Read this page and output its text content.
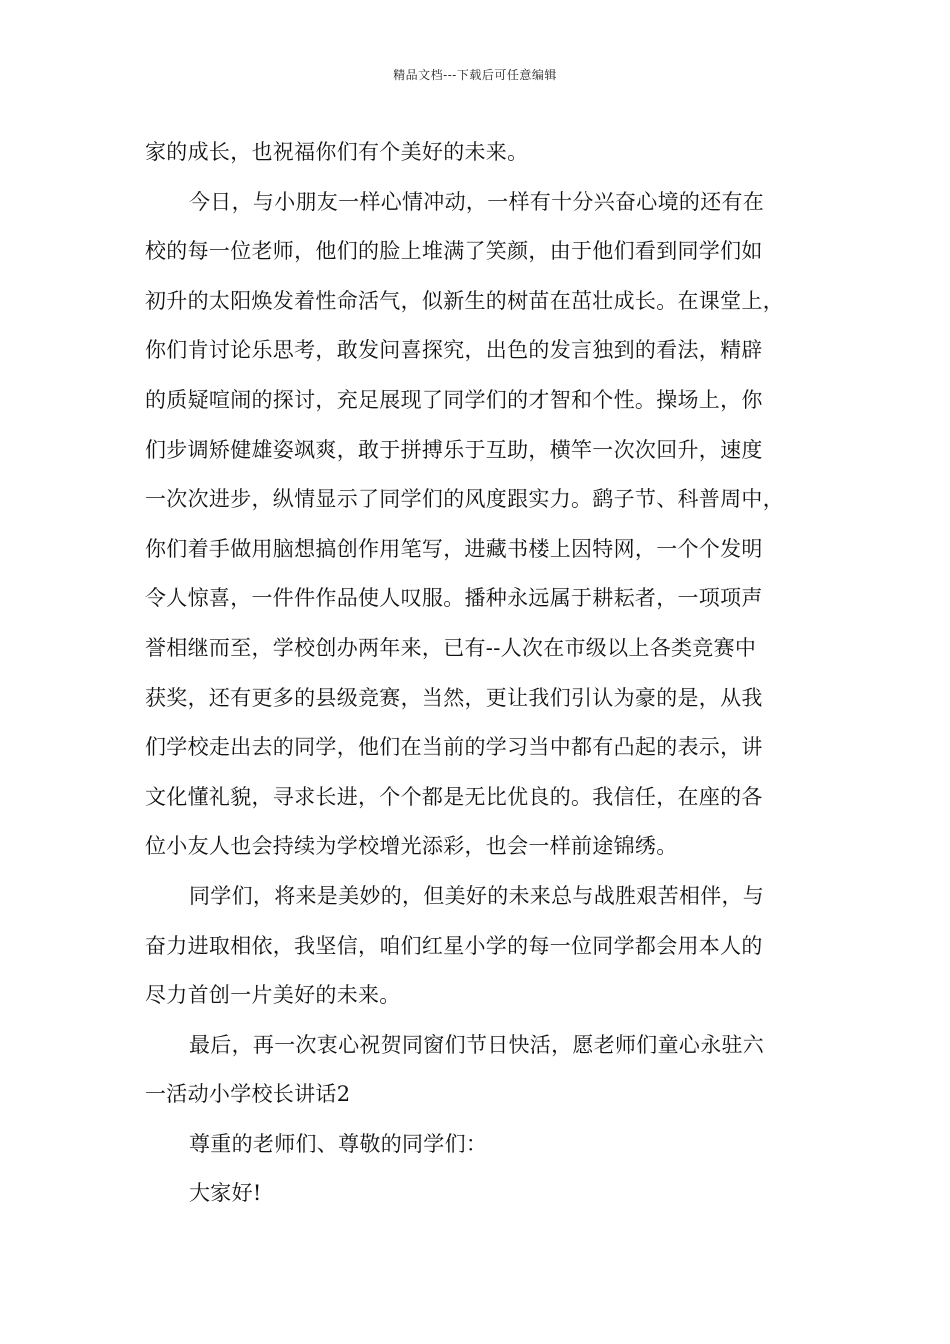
精品文档---下载后可任意编辑
家的成长，也祝福你们有个美好的未来。
今日，与小朋友一样心情冲动，一样有十分兴奋心境的还有在
校的每一位老师，他们的脸上堆满了笑颜，由于他们看到同学们如
初升的太阳焕发着性命活气，似新生的树苗在茁壮成长。在课堂上，
你们肯讨论乐思考，敢发问喜探究，出色的发言独到的看法，精辟
的质疑喧闹的探讨，充足展现了同学们的才智和个性。操场上，你
们步调矫健雄姿飒爽，敢于拼搏乐于互助，横竿一次次回升，速度
一次次进步，纵情显示了同学们的风度跟实力。鹞子节、科普周中，
你们着手做用脑想搞创作用笔写，进藏书楼上因特网，一个个发明
令人惊喜，一件件作品使人叹服。播种永远属于耕耘者，一项项声
誉相继而至，学校创办两年来，已有--人次在市级以上各类竞赛中
获奖，还有更多的县级竞赛，当然，更让我们引认为豪的是，从我
们学校走出去的同学，他们在当前的学习当中都有凸起的表示，讲
文化懂礼貌，寻求长进，个个都是无比优良的。我信任，在座的各
位小友人也会持续为学校增光添彩，也会一样前途锦绣。
同学们，将来是美妙的，但美好的未来总与战胜艰苦相伴，与
奋力进取相依，我坚信，咱们红星小学的每一位同学都会用本人的
尽力首创一片美好的未来。
最后，再一次衷心祝贺同窗们节日快活，愿老师们童心永驻六
一活动小学校长讲话2
尊重的老师们、尊敬的同学们：
大家好!
